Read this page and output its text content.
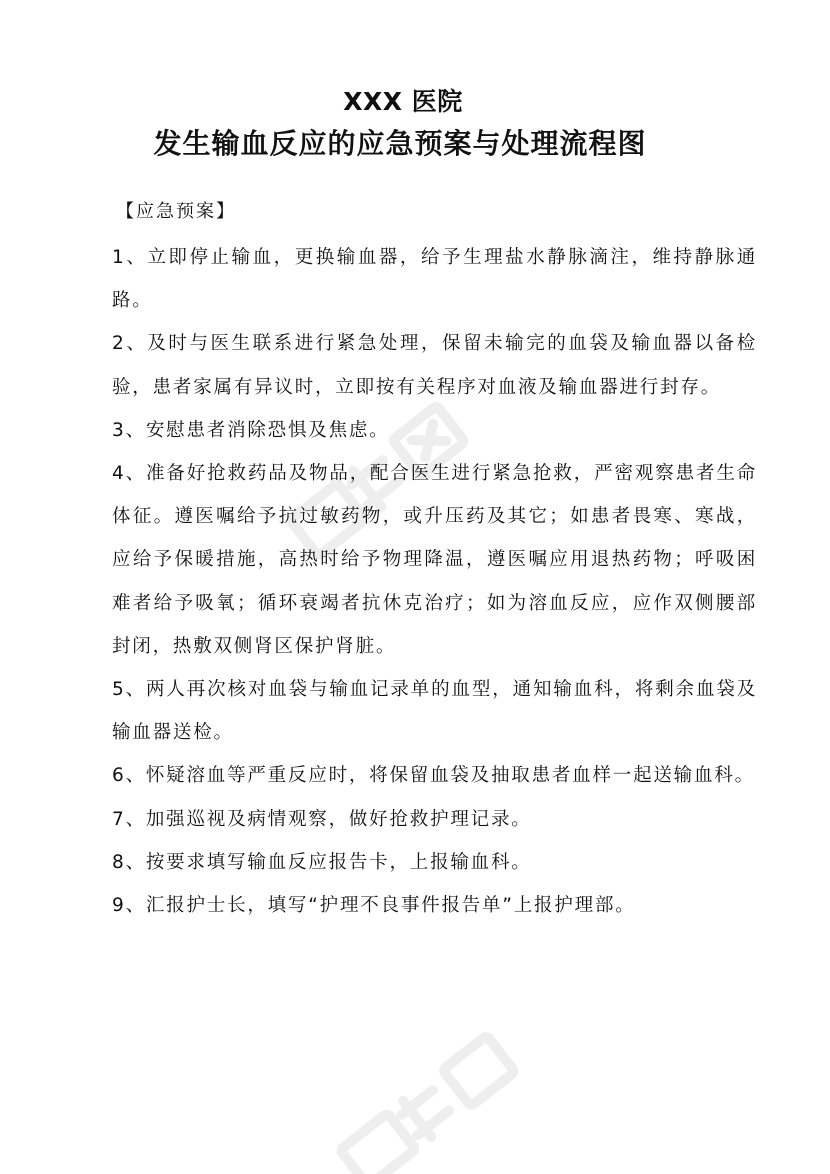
XXX 医院
发生输血反应的应急预案与处理流程图
【应急预案】

1、立即停止输血，更换输血器，给予生理盐水静脉滴注，维持静脉通路。

2、及时与医生联系进行紧急处理，保留未输完的血袋及输血器以备检验，患者家属有异议时，立即按有关程序对血液及输血器进行封存。

3、安慰患者消除恐惧及焦虑。

4、准备好抢救药品及物品，配合医生进行紧急抢救，严密观察患者生命体征。遵医嘱给予抗过敏药物，或升压药及其它；如患者畏寒、寒战，应给予保暖措施，高热时给予物理降温，遵医嘱应用退热药物；呼吸困难者给予吸氧；循环衰竭者抗休克治疗；如为溶血反应，应作双侧腰部封闭，热敷双侧肾区保护肾脏。

5、两人再次核对血袋与输血记录单的血型，通知输血科，将剩余血袋及输血器送检。

6、怀疑溶血等严重反应时，将保留血袋及抽取患者血样一起送输血科。

7、加强巡视及病情观察，做好抢救护理记录。

8、按要求填写输血反应报告卡，上报输血科。

9、汇报护士长，填写“护理不良事件报告单”上报护理部。
